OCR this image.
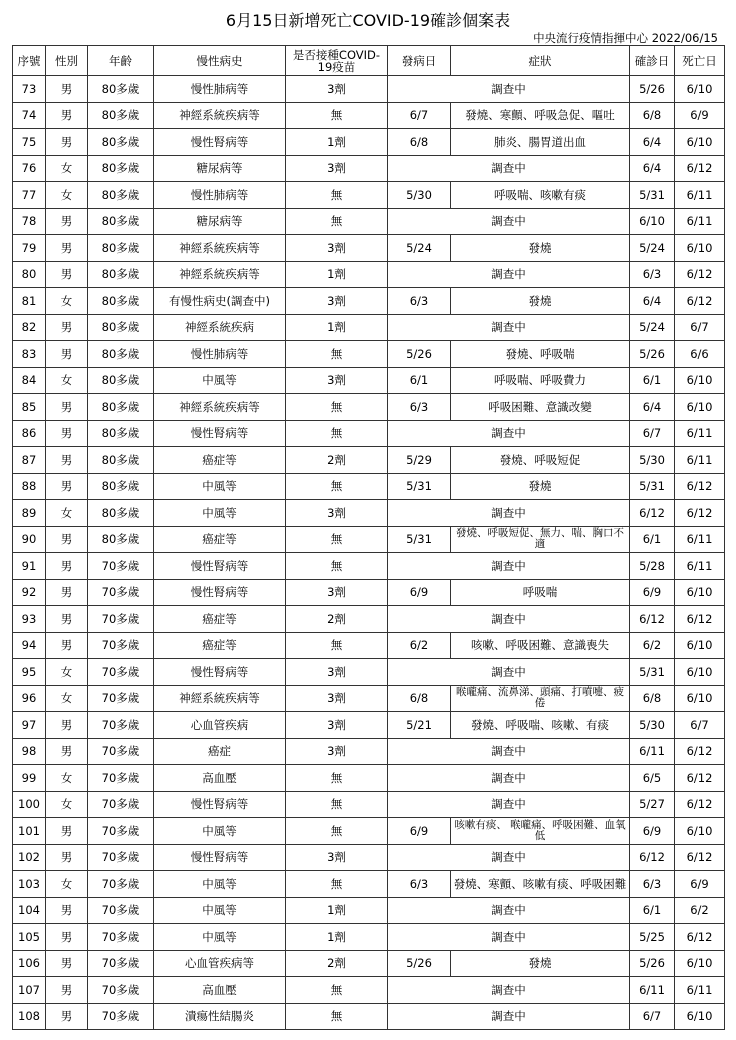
6月15日新增死亡COVID-19確診個案表
中央流行疫情指揮中心 2022/06/15
序號	性別	年齡	慢性病史	是否接種COVID-19疫苗	發病日	症狀	確診日	死亡日
73	男	80多歲	慢性肺病等	3劑	調查中		5/26	6/10
74	男	80多歲	神經系統疾病等	無	6/7	發燒、寒顫、呼吸急促、嘔吐	6/8	6/9
75	男	80多歲	慢性腎病等	1劑	6/8	肺炎、腸胃道出血	6/4	6/10
76	女	80多歲	糖尿病等	3劑	調查中		6/4	6/12
77	女	80多歲	慢性肺病等	無	5/30	呼吸喘、咳嗽有痰	5/31	6/11
78	男	80多歲	糖尿病等	無	調查中		6/10	6/11
79	男	80多歲	神經系統疾病等	3劑	5/24	發燒	5/24	6/10
80	男	80多歲	神經系統疾病等	1劑	調查中		6/3	6/12
81	女	80多歲	有慢性病史(調查中)	3劑	6/3	發燒	6/4	6/12
82	男	80多歲	神經系統疾病	1劑	調查中		5/24	6/7
83	男	80多歲	慢性肺病等	無	5/26	發燒、呼吸喘	5/26	6/6
84	女	80多歲	中風等	3劑	6/1	呼吸喘、呼吸費力	6/1	6/10
85	男	80多歲	神經系統疾病等	無	6/3	呼吸困難、意識改變	6/4	6/10
86	男	80多歲	慢性腎病等	無	調查中		6/7	6/11
87	男	80多歲	癌症等	2劑	5/29	發燒、呼吸短促	5/30	6/11
88	男	80多歲	中風等	無	5/31	發燒	5/31	6/12
89	女	80多歲	中風等	3劑	調查中		6/12	6/12
90	男	80多歲	癌症等	無	5/31	發燒、呼吸短促、無力、喘、胸口不適	6/1	6/11
91	男	70多歲	慢性腎病等	無	調查中		5/28	6/11
92	男	70多歲	慢性腎病等	3劑	6/9	呼吸喘	6/9	6/10
93	男	70多歲	癌症等	2劑	調查中		6/12	6/12
94	男	70多歲	癌症等	無	6/2	咳嗽、呼吸困難、意識喪失	6/2	6/10
95	女	70多歲	慢性腎病等	3劑	調查中		5/31	6/10
96	女	70多歲	神經系統疾病等	3劑	6/8	喉嚨痛、流鼻涕、頭痛、打噴嚏、疲倦	6/8	6/10
97	男	70多歲	心血管疾病	3劑	5/21	發燒、呼吸喘、咳嗽、有痰	5/30	6/7
98	男	70多歲	癌症	3劑	調查中		6/11	6/12
99	女	70多歲	高血壓	無	調查中		6/5	6/12
100	女	70多歲	慢性腎病等	無	調查中		5/27	6/12
101	男	70多歲	中風等	無	6/9	咳嗽有痰、 喉嚨痛、呼吸困難、血氧低	6/9	6/10
102	男	70多歲	慢性腎病等	3劑	調查中		6/12	6/12
103	女	70多歲	中風等	無	6/3	發燒、寒顫、咳嗽有痰、呼吸困難	6/3	6/9
104	男	70多歲	中風等	1劑	調查中		6/1	6/2
105	男	70多歲	中風等	1劑	調查中		5/25	6/12
106	男	70多歲	心血管疾病等	2劑	5/26	發燒	5/26	6/10
107	男	70多歲	高血壓	無	調查中		6/11	6/11
108	男	70多歲	潰瘍性結腸炎	無	調查中		6/7	6/10
